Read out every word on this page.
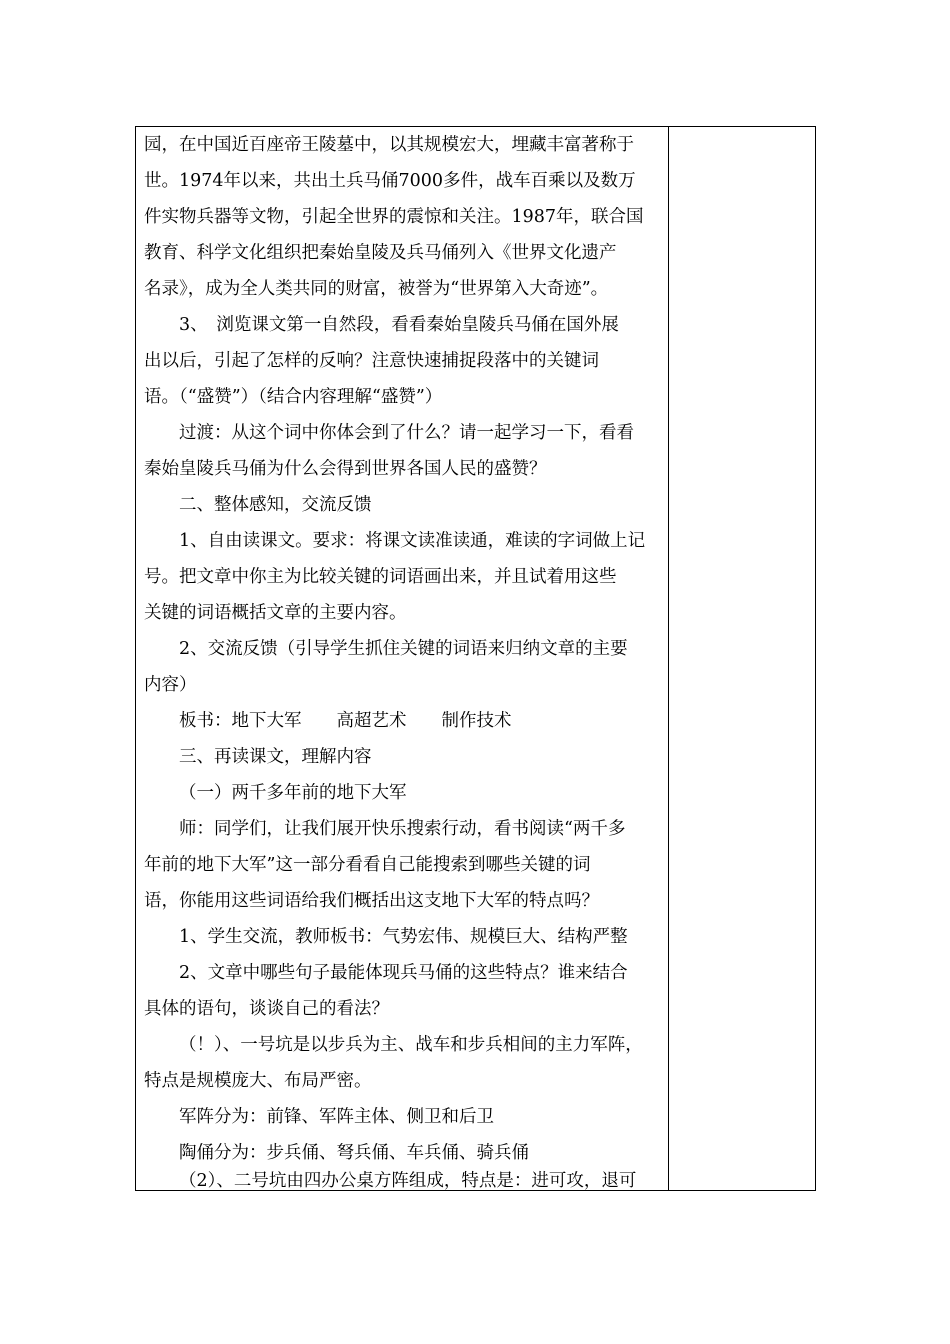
园，在中国近百座帝王陵墓中，以其规模宏大，埋藏丰富著称于
世。1974年以来，共出土兵马俑7000多件，战车百乘以及数万
件实物兵器等文物，引起全世界的震惊和关注。1987年，联合国
教育、科学文化组织把秦始皇陵及兵马俑列入《世界文化遗产
名录》，成为全人类共同的财富，被誉为“世界第入大奇迹”。
3、　浏览课文第一自然段，看看秦始皇陵兵马俑在国外展
出以后，引起了怎样的反响？注意快速捕捉段落中的关键词
语。（“盛赞”）（结合内容理解“盛赞”）
过渡：从这个词中你体会到了什么？请一起学习一下，看看
秦始皇陵兵马俑为什么会得到世界各国人民的盛赞？
二、整体感知，交流反馈
1、自由读课文。要求：将课文读准读通，难读的字词做上记
号。把文章中你主为比较关键的词语画出来，并且试着用这些
关键的词语概括文章的主要内容。
2、交流反馈（引导学生抓住关键的词语来归纳文章的主要
内容）
板书：地下大军　　高超艺术　　制作技术
三、再读课文，理解内容
（一）两千多年前的地下大军
师：同学们，让我们展开快乐搜索行动，看书阅读“两千多
年前的地下大军”这一部分看看自己能搜索到哪些关键的词
语，你能用这些词语给我们概括出这支地下大军的特点吗？
1、学生交流，教师板书：气势宏伟、规模巨大、结构严整
2、文章中哪些句子最能体现兵马俑的这些特点？谁来结合
具体的语句，谈谈自己的看法？
（！）、一号坑是以步兵为主、战车和步兵相间的主力军阵，
特点是规模庞大、布局严密。
军阵分为：前锋、军阵主体、侧卫和后卫
陶俑分为：步兵俑、弩兵俑、车兵俑、骑兵俑
（2）、二号坑由四办公桌方阵组成，特点是：进可攻，退可
